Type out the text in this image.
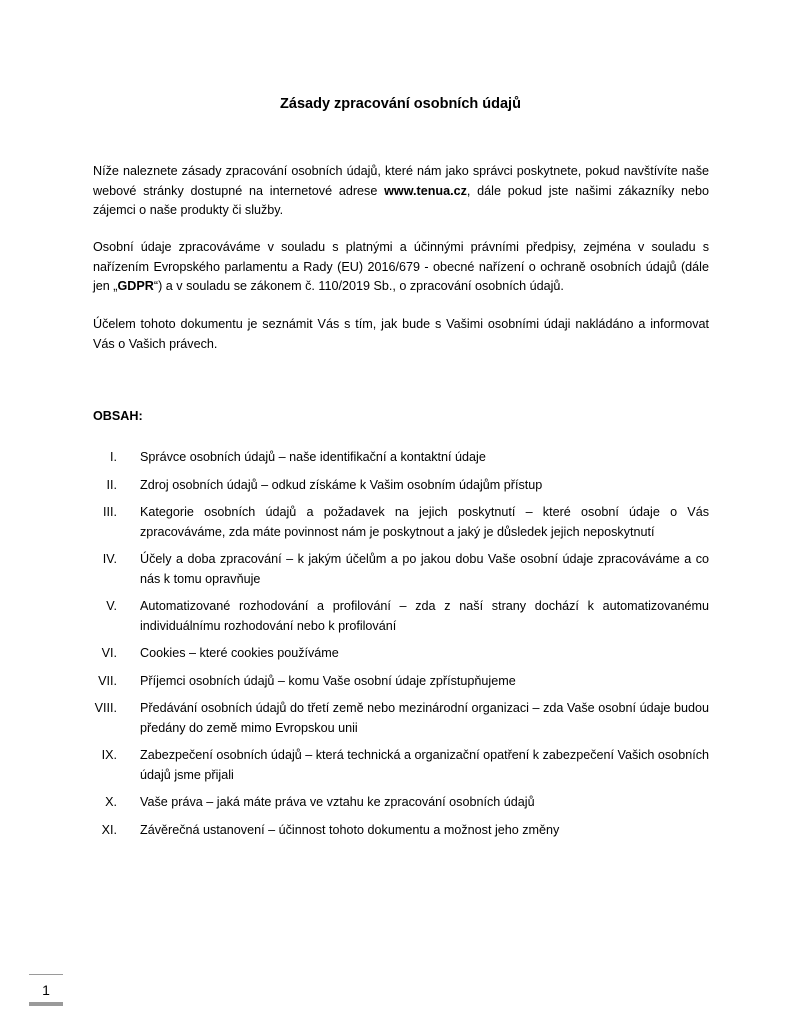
Zásady zpracování osobních údajů

Níže naleznete zásady zpracování osobních údajů, které nám jako správci poskytnete, pokud navštívíte naše webové stránky dostupné na internetové adrese www.tenua.cz, dále pokud jste našimi zákazníky nebo zájemci o naše produkty či služby.

Osobní údaje zpracováváme v souladu s platnými a účinnými právními předpisy, zejména v souladu s nařízením Evropského parlamentu a Rady (EU) 2016/679 - obecné nařízení o ochraně osobních údajů (dále jen „GDPR“) a v souladu se zákonem č. 110/2019 Sb., o zpracování osobních údajů.

Účelem tohoto dokumentu je seznámit Vás s tím, jak bude s Vašimi osobními údaji nakládáno a informovat Vás o Vašich právech.

OBSAH:

I. Správce osobních údajů – naše identifikační a kontaktní údaje
II. Zdroj osobních údajů – odkud získáme k Vašim osobním údajům přístup
III. Kategorie osobních údajů a požadavek na jejich poskytnutí – které osobní údaje o Vás zpracováváme, zda máte povinnost nám je poskytnout a jaký je důsledek jejich neposkytnutí
IV. Účely a doba zpracování – k jakým účelům a po jakou dobu Vaše osobní údaje zpracováváme a co nás k tomu opravňuje
V. Automatizované rozhodování a profilování – zda z naší strany dochází k automatizovanému individuálnímu rozhodování nebo k profilování
VI. Cookies – které cookies používáme
VII. Příjemci osobních údajů – komu Vaše osobní údaje zpřístupňujeme
VIII. Předávání osobních údajů do třetí země nebo mezinárodní organizaci – zda Vaše osobní údaje budou předány do země mimo Evropskou unii
IX. Zabezpečení osobních údajů – která technická a organizační opatření k zabezpečení Vašich osobních údajů jsme přijali
X. Vaše práva – jaká máte práva ve vztahu ke zpracování osobních údajů
XI. Závěrečná ustanovení – účinnost tohoto dokumentu a možnost jeho změny
1
